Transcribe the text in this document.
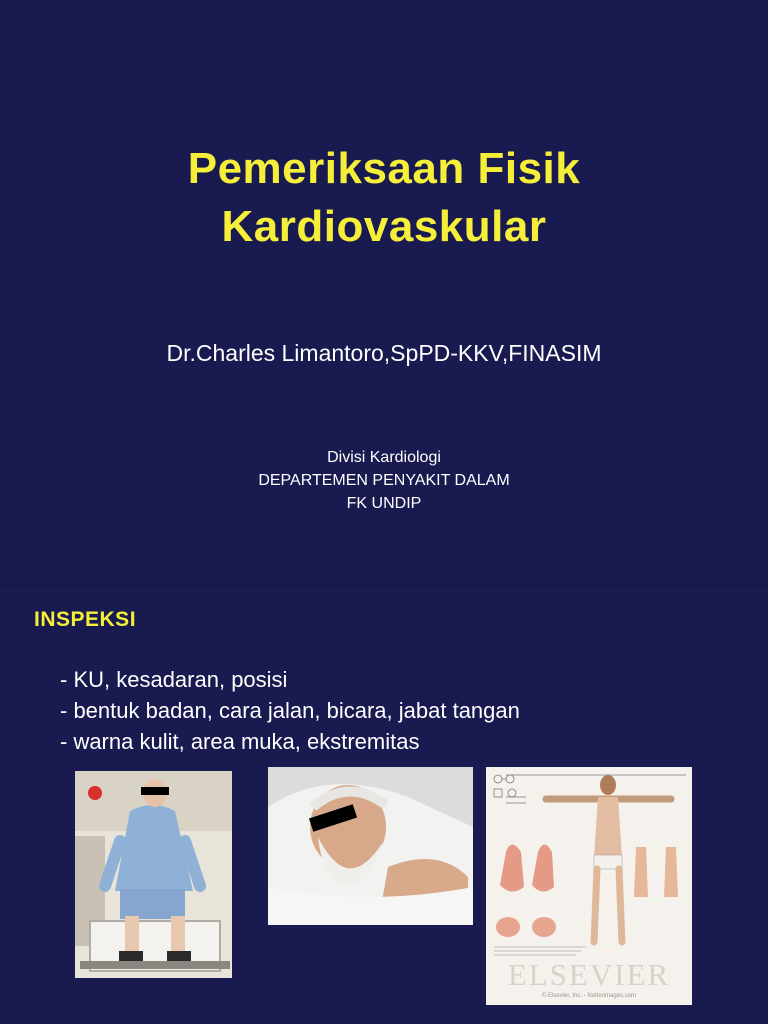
Pemeriksaan Fisik
Kardiovaskular
Dr.Charles Limantoro,SpPD-KKV,FINASIM
Divisi Kardiologi
DEPARTEMEN PENYAKIT DALAM
FK UNDIP
INSPEKSI
- KU, kesadaran, posisi
- bentuk badan, cara jalan, bicara, jabat tangan
- warna kulit, area muka, ekstremitas
ELSEVIER
© Elsevier, Inc. - Netterimages.com
